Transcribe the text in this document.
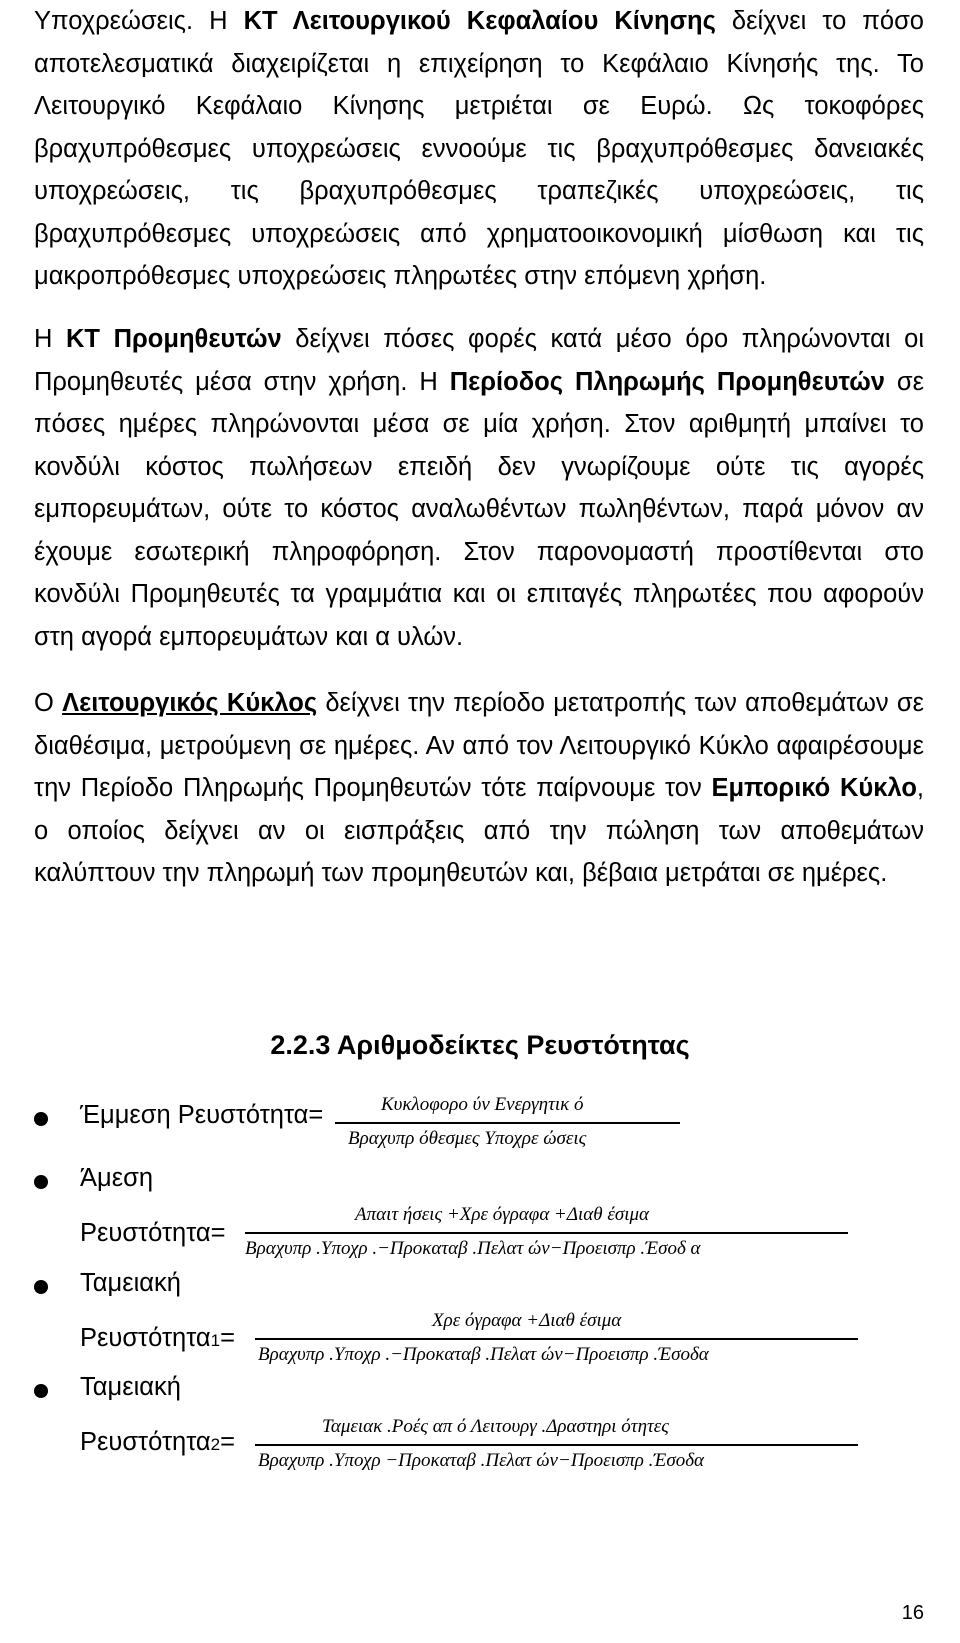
Υποχρεώσεις. Η ΚΤ Λειτουργικού Κεφαλαίου Κίνησης δείχνει το πόσο αποτελεσματικά διαχειρίζεται η επιχείρηση το Κεφάλαιο Κίνησής της. Το Λειτουργικό Κεφάλαιο Κίνησης μετριέται σε Ευρώ. Ως τοκοφόρες βραχυπρόθεσμες υποχρεώσεις εννοούμε τις βραχυπρόθεσμες δανειακές υποχρεώσεις, τις βραχυπρόθεσμες τραπεζικές υποχρεώσεις, τις βραχυπρόθεσμες υποχρεώσεις από χρηματοοικονομική μίσθωση και τις μακροπρόθεσμες υποχρεώσεις πληρωτέες στην επόμενη χρήση.

Η ΚΤ Προμηθευτών δείχνει πόσες φορές κατά μέσο όρο πληρώνονται οι Προμηθευτές μέσα στην χρήση. Η Περίοδος Πληρωμής Προμηθευτών σε πόσες ημέρες πληρώνονται μέσα σε μία χρήση. Στον αριθμητή μπαίνει το κονδύλι κόστος πωλήσεων επειδή δεν γνωρίζουμε ούτε τις αγορές εμπορευμάτων, ούτε το κόστος αναλωθέντων πωληθέντων, παρά μόνον αν έχουμε εσωτερική πληροφόρηση. Στον παρονομαστή προστίθενται στο κονδύλι Προμηθευτές τα γραμμάτια και οι επιταγές πληρωτέες που αφορούν στη αγορά εμπορευμάτων και α υλών.

Ο Λειτουργικός Κύκλος δείχνει την περίοδο μετατροπής των αποθεμάτων σε διαθέσιμα, μετρούμενη σε ημέρες. Αν από τον Λειτουργικό Κύκλο αφαιρέσουμε την Περίοδο Πληρωμής Προμηθευτών τότε παίρνουμε τον Εμπορικό Κύκλο, ο οποίος δείχνει αν οι εισπράξεις από την πώληση των αποθεμάτων καλύπτουν την πληρωμή των προμηθευτών και, βέβαια μετράται σε ημέρες.

2.2.3 Αριθμοδείκτες Ρευστότητας
Έμμεση Ρευστότητα=	Κυκλοφορο ύν Ενεργητικ ό
Βραχυπρ όθεσμες Υποχρε ώσεις
Άμεση
Ρευστότητα=
Απαιτ ήσεις +Χρε όγραφα +Διαθ έσιμα
Βραχυπρ .Υποχρ .−Προκαταβ .Πελατ ών−Προεισπρ .Έσοδ α
Ταμειακή
Ρευστότητα1=
Χρε όγραφα +Διαθ έσιμα
Βραχυπρ .Υποχρ .−Προκαταβ .Πελατ ών−Προεισπρ .Έσοδα
Ταμειακή
Ρευστότητα2=
Ταμειακ .Ροές απ ό Λειτουργ .Δραστηρι ότητες
Βραχυπρ .Υποχρ −Προκαταβ .Πελατ ών−Προεισπρ .Έσοδα
16
